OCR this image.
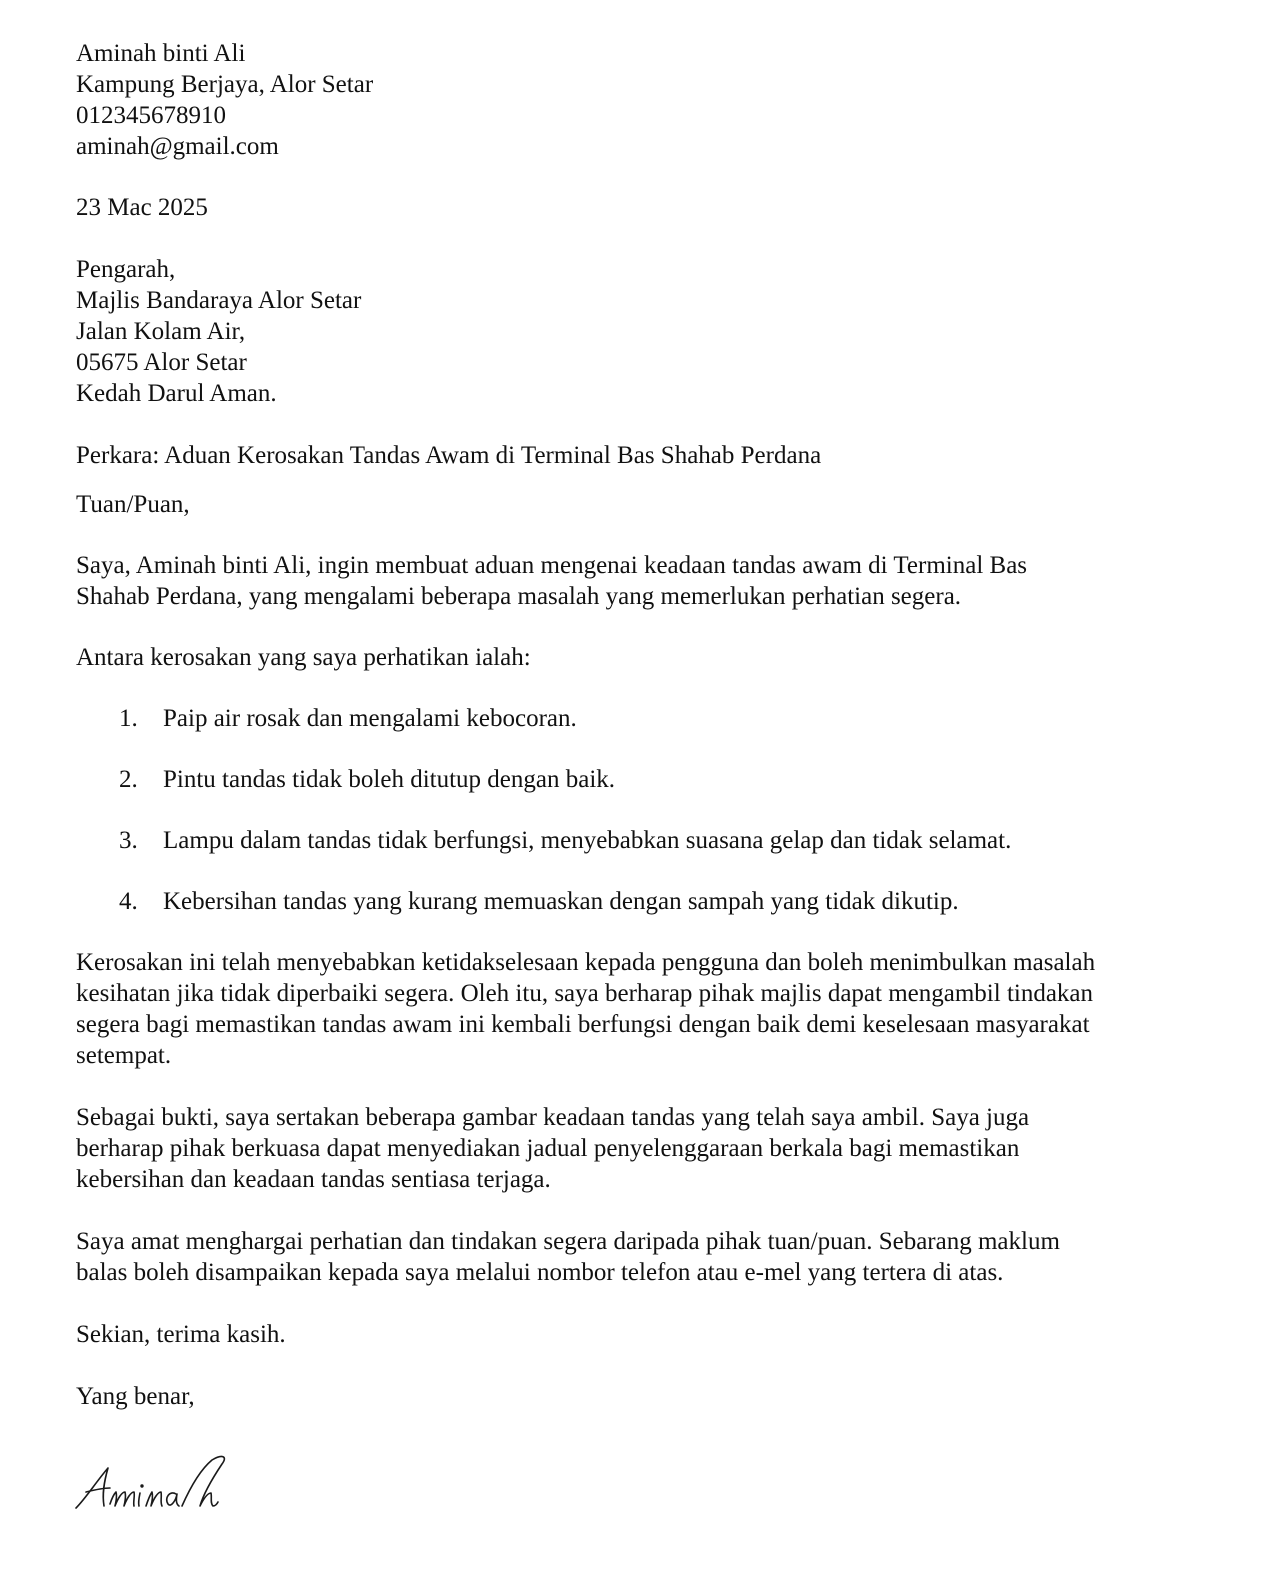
Aminah binti Ali
Kampung Berjaya, Alor Setar
012345678910
aminah@gmail.com
23 Mac 2025
Pengarah,
Majlis Bandaraya Alor Setar
Jalan Kolam Air,
05675 Alor Setar
Kedah Darul Aman.
Perkara: Aduan Kerosakan Tandas Awam di Terminal Bas Shahab Perdana
Tuan/Puan,
Saya, Aminah binti Ali, ingin membuat aduan mengenai keadaan tandas awam di Terminal Bas
Shahab Perdana, yang mengalami beberapa masalah yang memerlukan perhatian segera.
Antara kerosakan yang saya perhatikan ialah:
1. Paip air rosak dan mengalami kebocoran.
2. Pintu tandas tidak boleh ditutup dengan baik.
3. Lampu dalam tandas tidak berfungsi, menyebabkan suasana gelap dan tidak selamat.
4. Kebersihan tandas yang kurang memuaskan dengan sampah yang tidak dikutip.
Kerosakan ini telah menyebabkan ketidakselesaan kepada pengguna dan boleh menimbulkan masalah
kesihatan jika tidak diperbaiki segera. Oleh itu, saya berharap pihak majlis dapat mengambil tindakan
segera bagi memastikan tandas awam ini kembali berfungsi dengan baik demi keselesaan masyarakat
setempat.
Sebagai bukti, saya sertakan beberapa gambar keadaan tandas yang telah saya ambil. Saya juga
berharap pihak berkuasa dapat menyediakan jadual penyelenggaraan berkala bagi memastikan
kebersihan dan keadaan tandas sentiasa terjaga.
Saya amat menghargai perhatian dan tindakan segera daripada pihak tuan/puan. Sebarang maklum
balas boleh disampaikan kepada saya melalui nombor telefon atau e-mel yang tertera di atas.
Sekian, terima kasih.
Yang benar,
